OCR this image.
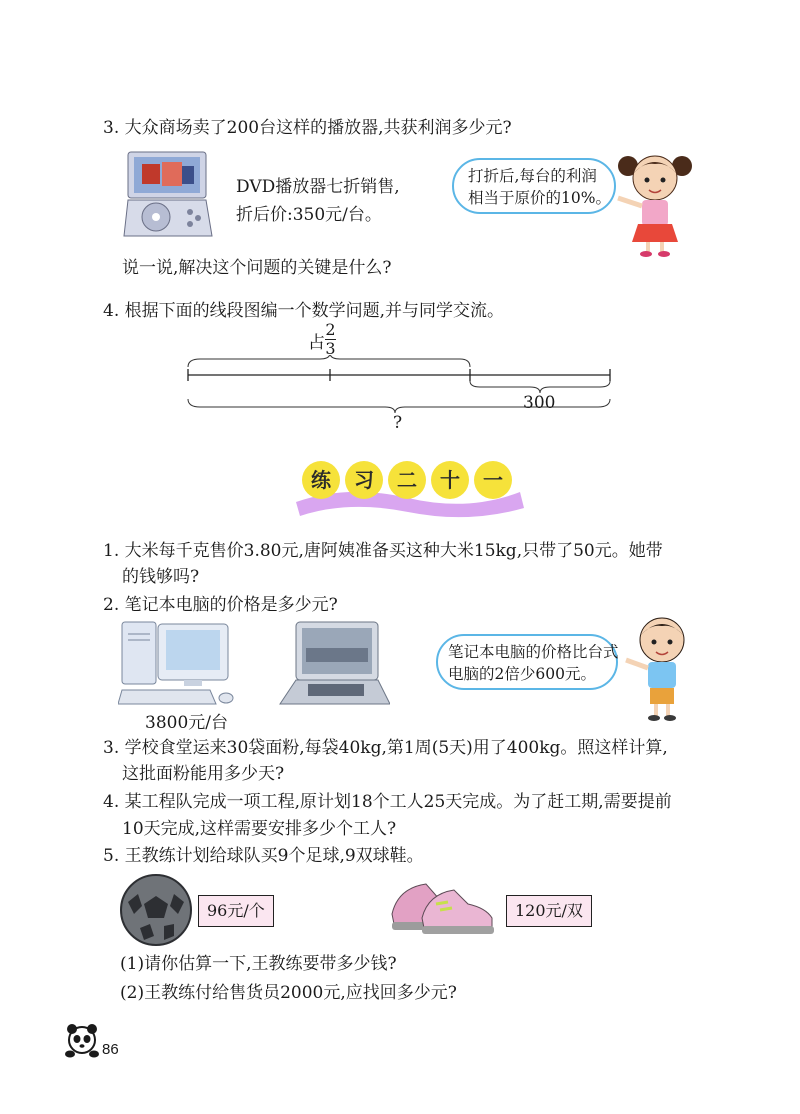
3. 大众商场卖了200台这样的播放器,共获利润多少元?
DVD播放器七折销售,
折后价:350元/台。
打折后,每台的利润
相当于原价的10%。
说一说,解决这个问题的关键是什么?
4. 根据下面的线段图编一个数学问题,并与同学交流。
占
2
3
300
?
练	习	二	十	一
1. 大米每千克售价3.80元,唐阿姨准备买这种大米15kg,只带了50元。她带
的钱够吗?
2. 笔记本电脑的价格是多少元?
3800元/台
笔记本电脑的价格比台式
电脑的2倍少600元。
3. 学校食堂运来30袋面粉,每袋40kg,第1周(5天)用了400kg。照这样计算,
这批面粉能用多少天?
4. 某工程队完成一项工程,原计划18个工人25天完成。为了赶工期,需要提前
10天完成,这样需要安排多少个工人?
5. 王教练计划给球队买9个足球,9双球鞋。
96元/个	120元/双
(1)请你估算一下,王教练要带多少钱?
(2)王教练付给售货员2000元,应找回多少元?
86
